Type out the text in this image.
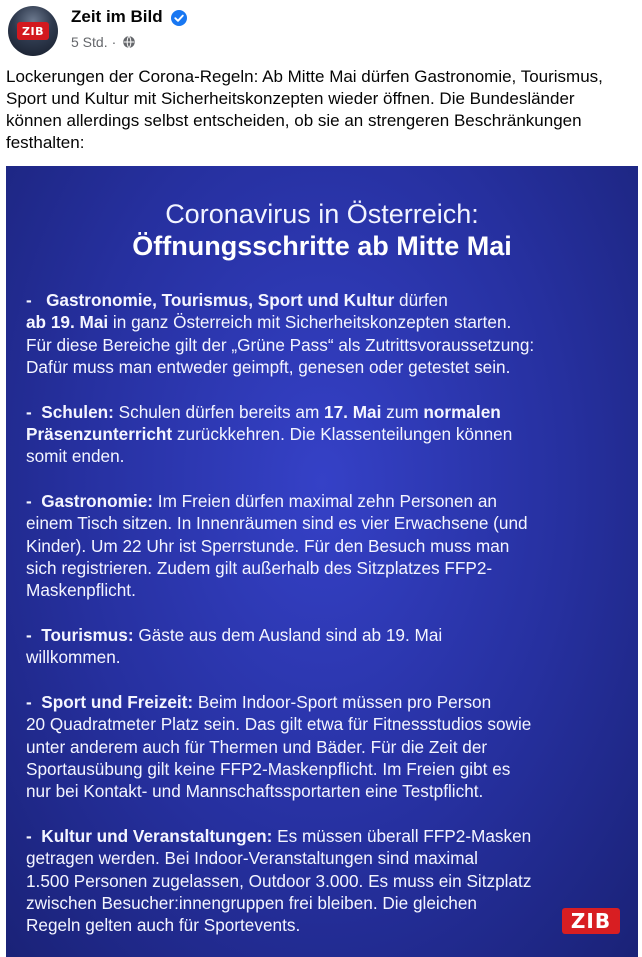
ZIB
Zeit im Bild
5 Std. ·
Lockerungen der Corona-Regeln: Ab Mitte Mai dürfen Gastronomie, Tourismus, Sport und Kultur mit Sicherheitskonzepten wieder öffnen. Die Bundesländer können allerdings selbst entscheiden, ob sie an strengeren Beschränkungen festhalten:
Coronavirus in Österreich:
Öffnungsschritte ab Mitte Mai

-   Gastronomie, Tourismus, Sport und Kultur dürfen

ab 19. Mai in ganz Österreich mit Sicherheitskonzepten starten.

Für diese Bereiche gilt der „Grüne Pass“ als Zutrittsvoraussetzung:

Dafür muss man entweder geimpft, genesen oder getestet sein.

-  Schulen: Schulen dürfen bereits am 17. Mai zum normalen

Präsenzunterricht zurückkehren. Die Klassenteilungen können

somit enden.

-  Gastronomie: Im Freien dürfen maximal zehn Personen an

einem Tisch sitzen. In Innenräumen sind es vier Erwachsene (und

Kinder). Um 22 Uhr ist Sperrstunde. Für den Besuch muss man

sich registrieren. Zudem gilt außerhalb des Sitzplatzes FFP2-

Maskenpflicht.

-  Tourismus: Gäste aus dem Ausland sind ab 19. Mai

willkommen.

-  Sport und Freizeit: Beim Indoor-Sport müssen pro Person

20 Quadratmeter Platz sein. Das gilt etwa für Fitnessstudios sowie

unter anderem auch für Thermen und Bäder. Für die Zeit der

Sportausübung gilt keine FFP2-Maskenpflicht. Im Freien gibt es

nur bei Kontakt- und Mannschaftssportarten eine Testpflicht.

-  Kultur und Veranstaltungen: Es müssen überall FFP2-Masken

getragen werden. Bei Indoor-Veranstaltungen sind maximal

1.500 Personen zugelassen, Outdoor 3.000. Es muss ein Sitzplatz

zwischen Besucher:innengruppen frei bleiben. Die gleichen

Regeln gelten auch für Sportevents.	ZIB
